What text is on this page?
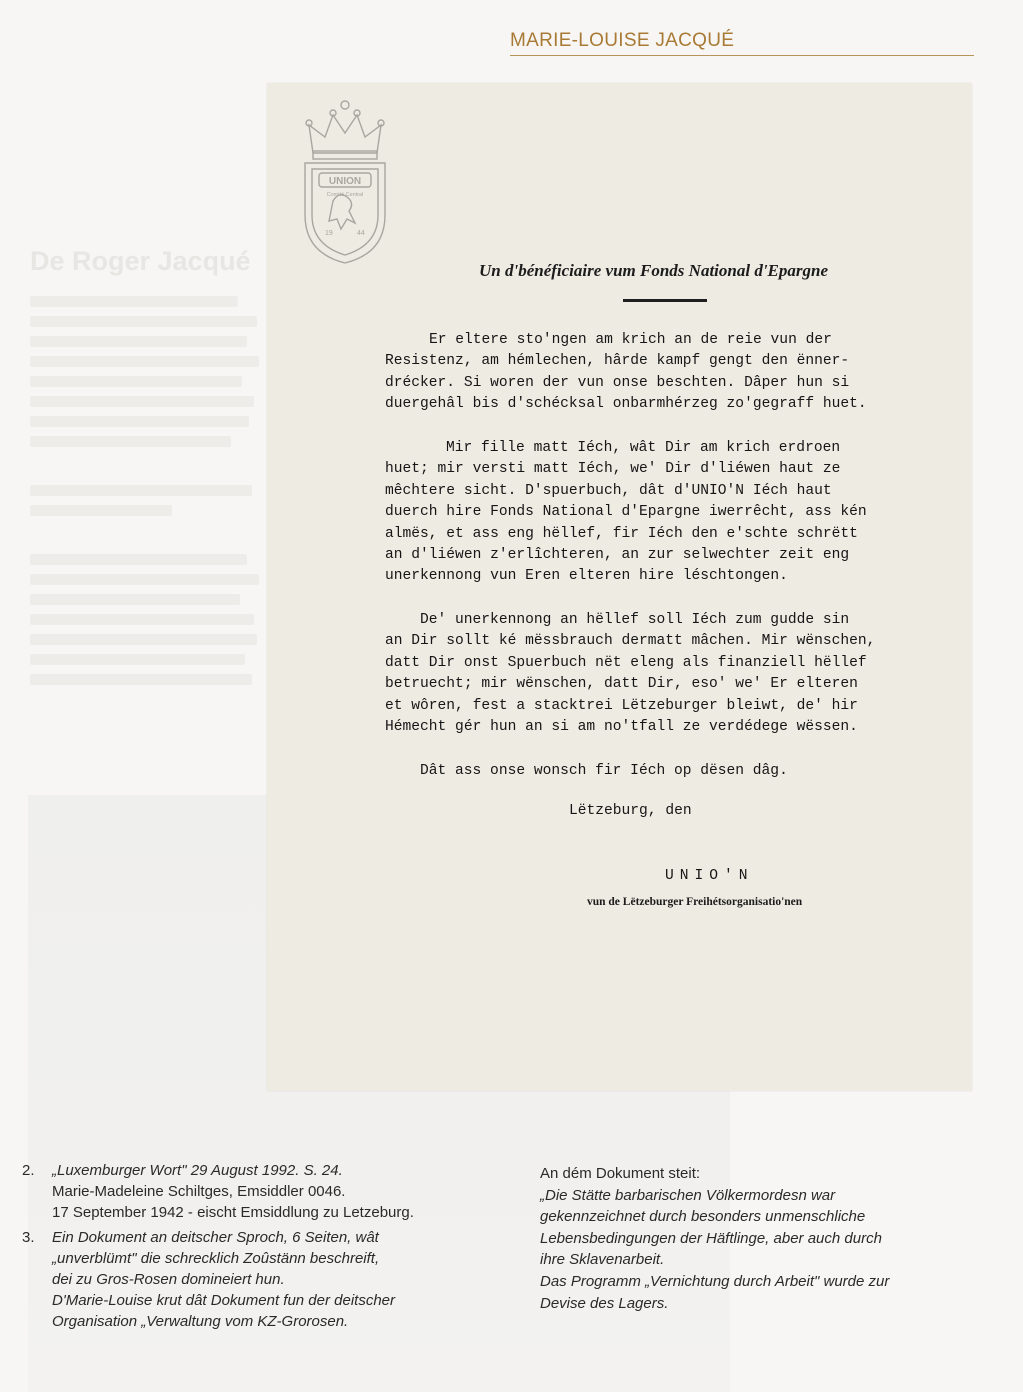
De Roger Jacqué
MARIE-LOUISE JACQUÉ
UNION
Comité Central
19	44
Un d'bénéficiaire vum Fonds National d'Epargne
Er eltere sto'ngen am krich an de reie vun der
Resistenz, am hémlechen, hârde kampf gengt den ënner-
drécker. Si woren der vun onse beschten. Dâper hun si
duergehâl bis d'schécksal onbarmhérzeg zo'gegraff huet.
Mir fille matt Iéch, wât Dir am krich erdroen
huet; mir versti matt Iéch, we' Dir d'liéwen haut ze
mêchtere sicht. D'spuerbuch, dât d'UNIO'N Iéch haut
duerch hire Fonds National d'Epargne iwerrêcht, ass kén
almës, et ass eng hëllef, fir Iéch den e'schte schrëtt
an d'liéwen z'erlîchteren, an zur selwechter zeit eng
unerkennong vun Eren elteren hire léschtongen.
De' unerkennong an hëllef soll Iéch zum gudde sin
an Dir sollt ké mëssbrauch dermatt mâchen. Mir wënschen,
datt Dir onst Spuerbuch nët eleng als finanziell hëllef
betruecht; mir wënschen, datt Dir, eso' we' Er elteren
et wôren, fest a stacktrei Lëtzeburger bleiwt, de' hir
Hémecht gér hun an si am no'tfall ze verdédege wëssen.
Dât ass onse wonsch fir Iéch op dësen dâg.
Lëtzeburg, den
UNIO'N
vun de Lëtzeburger Freihétsorganisatio'nen
2.	„Luxemburger Wort" 29 August 1992. S. 24.
Marie-Madeleine Schiltges, Emsiddler 0046.
17 September 1942 - eischt Emsiddlung zu Letzeburg.
3.	Ein Dokument an deitscher Sproch, 6 Seiten, wât
„unverblümt" die schrecklich Zoûstänn beschreift,
dei zu Gros-Rosen domineiert hun.
D'Marie-Louise krut dât Dokument fun der deitscher
Organisation „Verwaltung vom KZ-Grorosen.
An dém Dokument steit:
„Die Stätte barbarischen Völkermordesn war
gekennzeichnet durch besonders unmenschliche
Lebensbedingungen der Häftlinge, aber auch durch
ihre Sklavenarbeit.
Das Programm „Vernichtung durch Arbeit" wurde zur
Devise des Lagers.
